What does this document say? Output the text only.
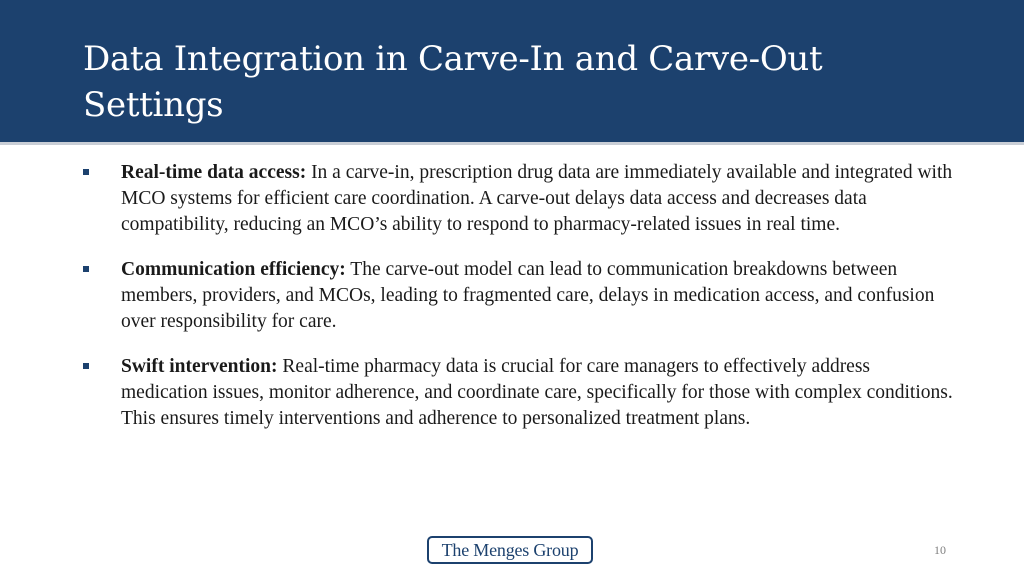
Data Integration in Carve-In and Carve-Out Settings
Real-time data access: In a carve-in, prescription drug data are immediately available and integrated with MCO systems for efficient care coordination. A carve-out delays data access and decreases data compatibility, reducing an MCO’s ability to respond to pharmacy-related issues in real time.
Communication efficiency: The carve-out model can lead to communication breakdowns between members, providers, and MCOs, leading to fragmented care, delays in medication access, and confusion over responsibility for care.
Swift intervention: Real-time pharmacy data is crucial for care managers to effectively address medication issues, monitor adherence, and coordinate care, specifically for those with complex conditions. This ensures timely interventions and adherence to personalized treatment plans.
The Menges Group	10
